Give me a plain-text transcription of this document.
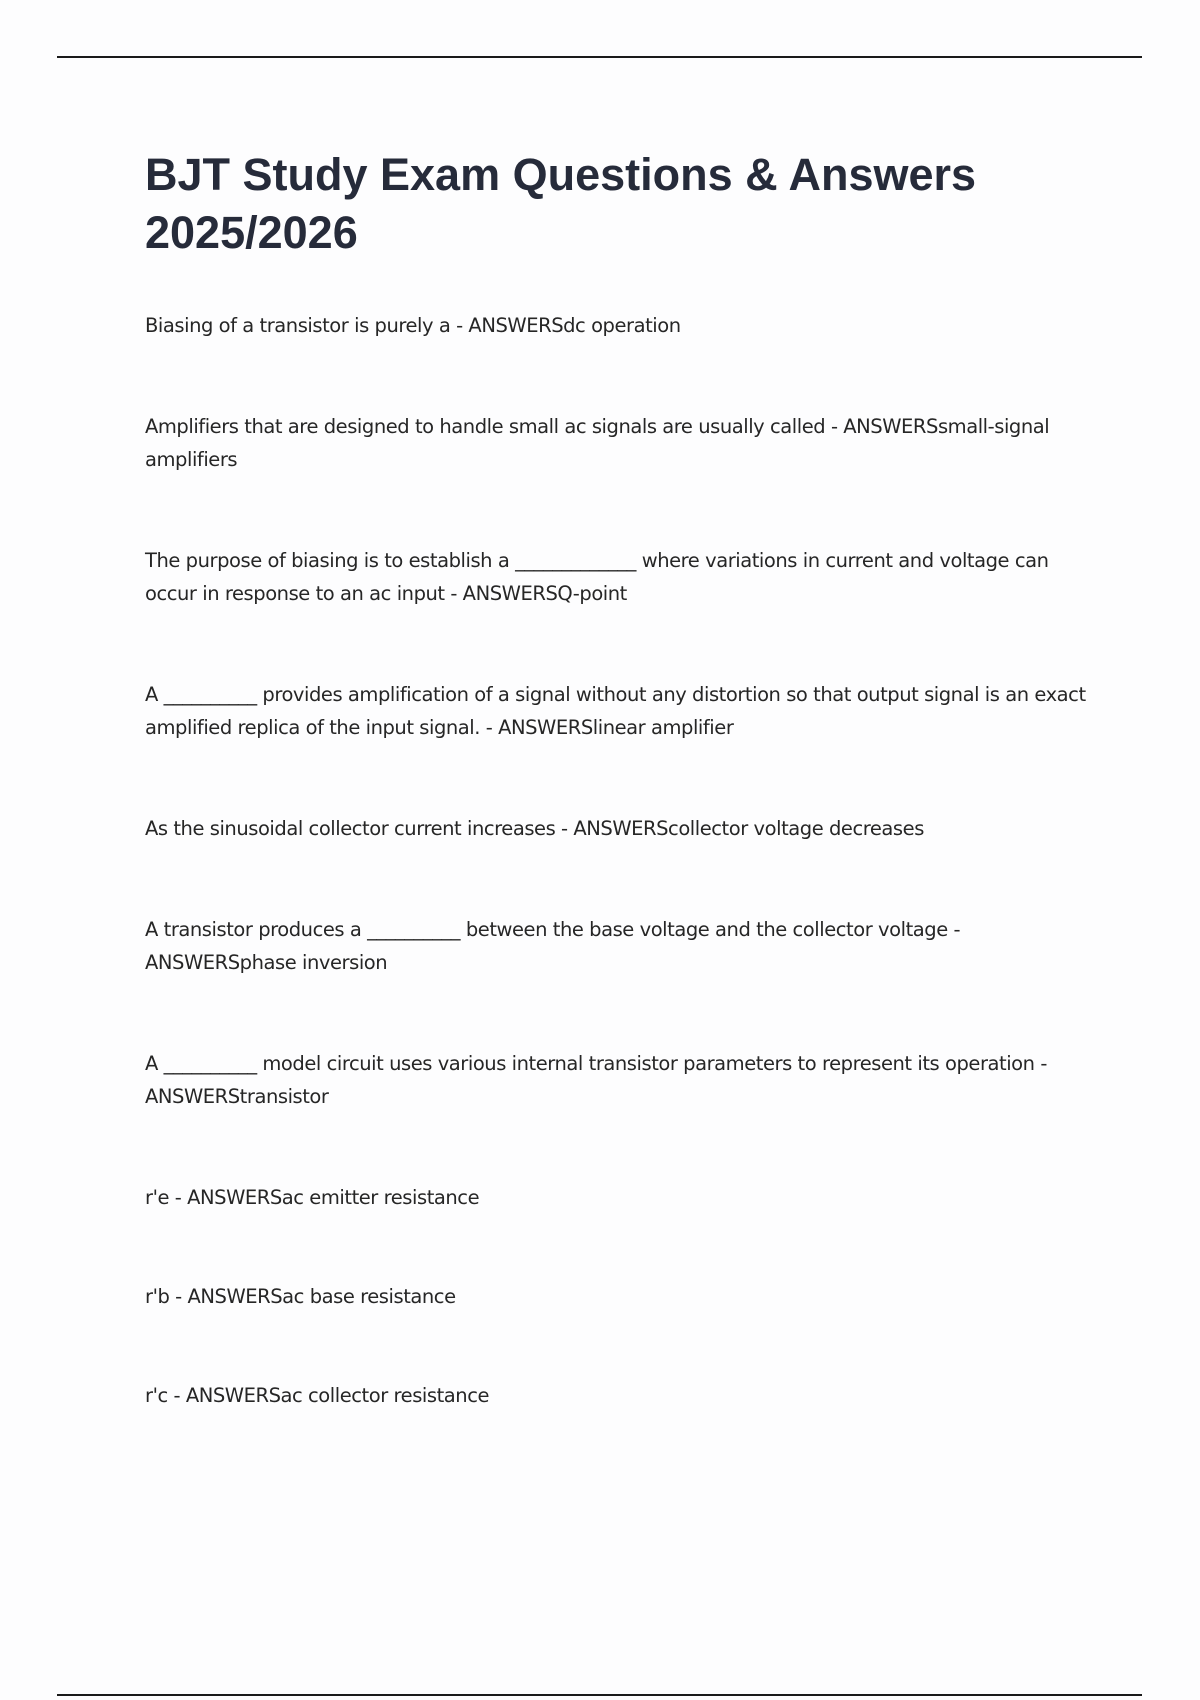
BJT Study Exam Questions & Answers
2025/2026
Biasing of a transistor is purely a - ANSWERSdc operation
Amplifiers that are designed to handle small ac signals are usually called - ANSWERSsmall-signal amplifiers
The purpose of biasing is to establish a _____________ where variations in current and voltage can occur in response to an ac input - ANSWERSQ-point
A __________ provides amplification of a signal without any distortion so that output signal is an exact amplified replica of the input signal. - ANSWERSlinear amplifier
As the sinusoidal collector current increases - ANSWERScollector voltage decreases
A transistor produces a __________ between the base voltage and the collector voltage - ANSWERSphase inversion
A __________ model circuit uses various internal transistor parameters to represent its operation - ANSWERStransistor
r'e - ANSWERSac emitter resistance
r'b - ANSWERSac base resistance
r'c - ANSWERSac collector resistance
